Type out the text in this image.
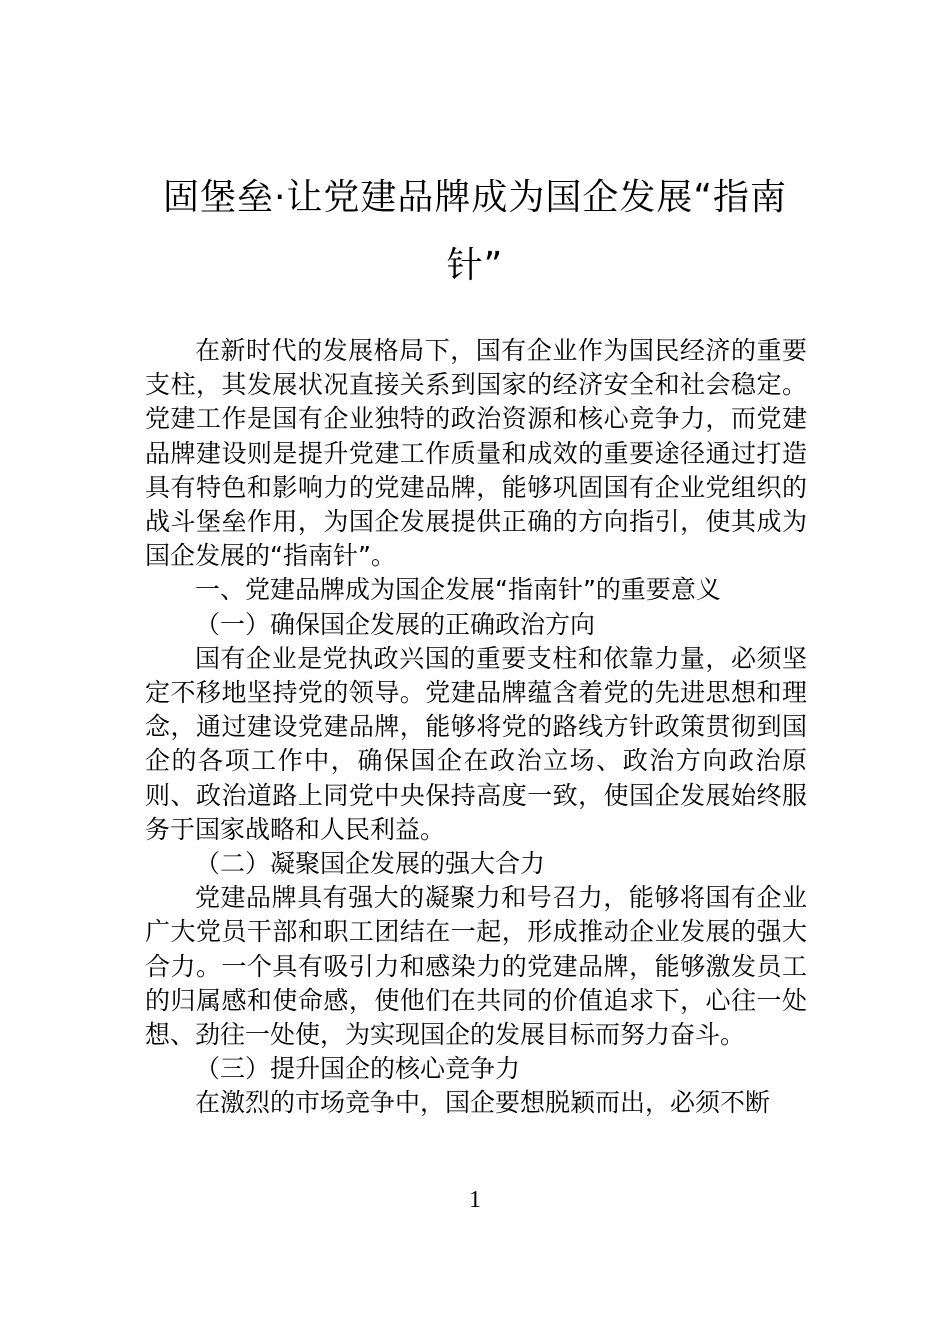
固堡垒·让党建品牌成为国企发展“指南针”

在新时代的发展格局下，国有企业作为国民经济的重要支柱，其发展状况直接关系到国家的经济安全和社会稳定。党建工作是国有企业独特的政治资源和核心竞争力，而党建品牌建设则是提升党建工作质量和成效的重要途径通过打造具有特色和影响力的党建品牌，能够巩固国有企业党组织的战斗堡垒作用，为国企发展提供正确的方向指引，使其成为国企发展的“指南针”。

一、党建品牌成为国企发展“指南针”的重要意义

（一）确保国企发展的正确政治方向

国有企业是党执政兴国的重要支柱和依靠力量，必须坚定不移地坚持党的领导。党建品牌蕴含着党的先进思想和理念，通过建设党建品牌，能够将党的路线方针政策贯彻到国企的各项工作中，确保国企在政治立场、政治方向政治原则、政治道路上同党中央保持高度一致，使国企发展始终服务于国家战略和人民利益。

（二）凝聚国企发展的强大合力

党建品牌具有强大的凝聚力和号召力，能够将国有企业广大党员干部和职工团结在一起，形成推动企业发展的强大合力。一个具有吸引力和感染力的党建品牌，能够激发员工的归属感和使命感，使他们在共同的价值追求下，心往一处想、劲往一处使，为实现国企的发展目标而努力奋斗。

（三）提升国企的核心竞争力

在激烈的市场竞争中，国企要想脱颖而出，必须不断

1
